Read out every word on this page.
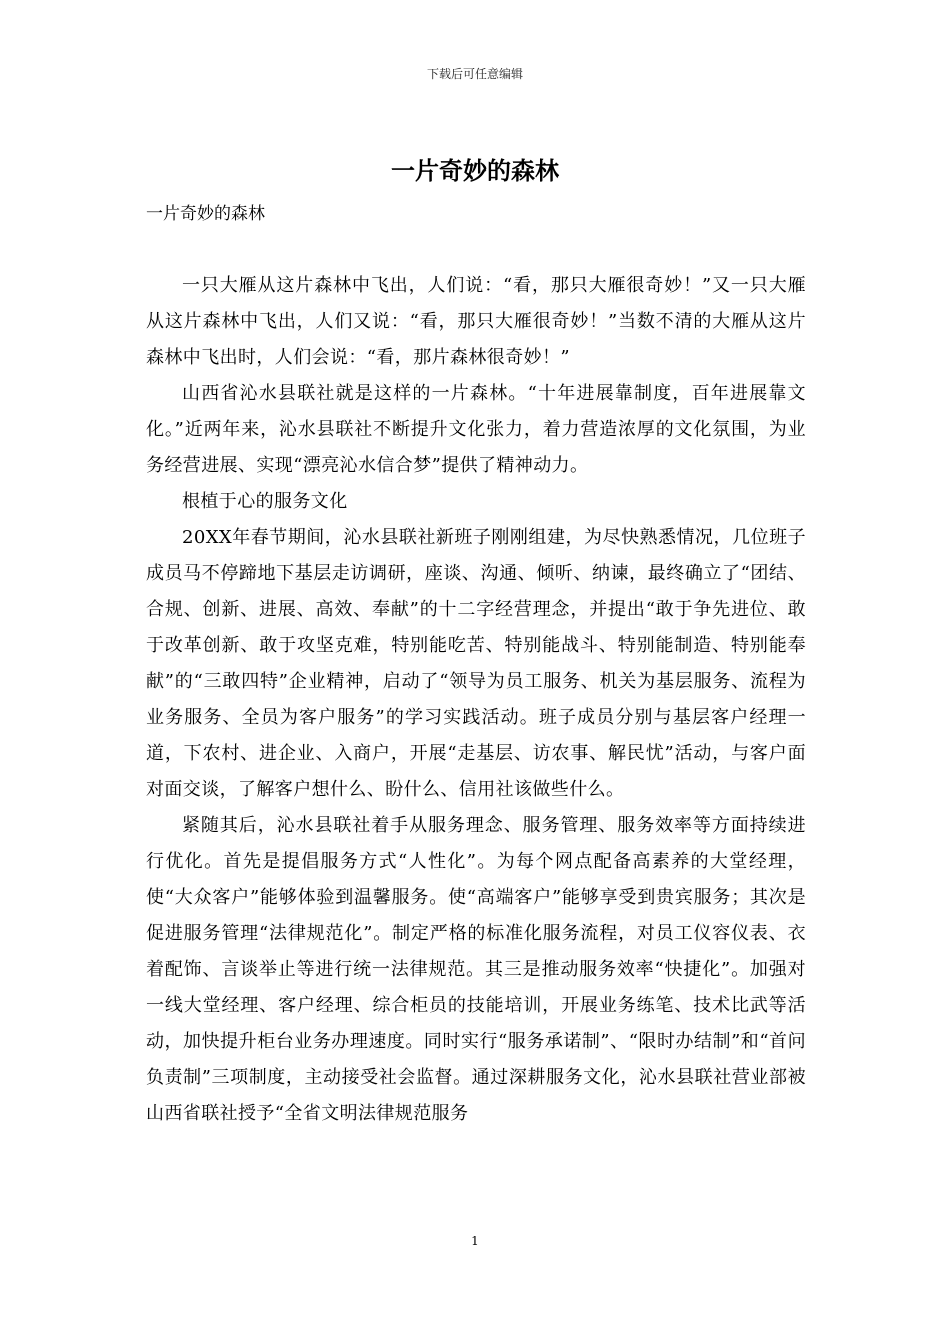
下载后可任意编辑
一片奇妙的森林
一片奇妙的森林

一只大雁从这片森林中飞出，人们说：“看，那只大雁很奇妙！”又一只大雁从这片森林中飞出，人们又说：“看，那只大雁很奇妙！”当数不清的大雁从这片森林中飞出时，人们会说：“看，那片森林很奇妙！”

山西省沁水县联社就是这样的一片森林。“十年进展靠制度，百年进展靠文化。”近两年来，沁水县联社不断提升文化张力，着力营造浓厚的文化氛围，为业务经营进展、实现“漂亮沁水信合梦”提供了精神动力。

根植于心的服务文化

20XX年春节期间，沁水县联社新班子刚刚组建，为尽快熟悉情况，几位班子成员马不停蹄地下基层走访调研，座谈、沟通、倾听、纳谏，最终确立了“团结、合规、创新、进展、高效、奉献”的十二字经营理念，并提出“敢于争先进位、敢于改革创新、敢于攻坚克难，特别能吃苦、特别能战斗、特别能制造、特别能奉献”的“三敢四特”企业精神，启动了“领导为员工服务、机关为基层服务、流程为业务服务、全员为客户服务”的学习实践活动。班子成员分别与基层客户经理一道，下农村、进企业、入商户，开展“走基层、访农事、解民忧”活动，与客户面对面交谈，了解客户想什么、盼什么、信用社该做些什么。

紧随其后，沁水县联社着手从服务理念、服务管理、服务效率等方面持续进行优化。首先是提倡服务方式“人性化”。为每个网点配备高素养的大堂经理，使“大众客户”能够体验到温馨服务。使“高端客户”能够享受到贵宾服务；其次是促进服务管理“法律规范化”。制定严格的标准化服务流程，对员工仪容仪表、衣着配饰、言谈举止等进行统一法律规范。其三是推动服务效率“快捷化”。加强对一线大堂经理、客户经理、综合柜员的技能培训，开展业务练笔、技术比武等活动，加快提升柜台业务办理速度。同时实行“服务承诺制”、“限时办结制”和“首问负责制”三项制度，主动接受社会监督。通过深耕服务文化，沁水县联社营业部被山西省联社授予“全省文明法律规范服务

1
